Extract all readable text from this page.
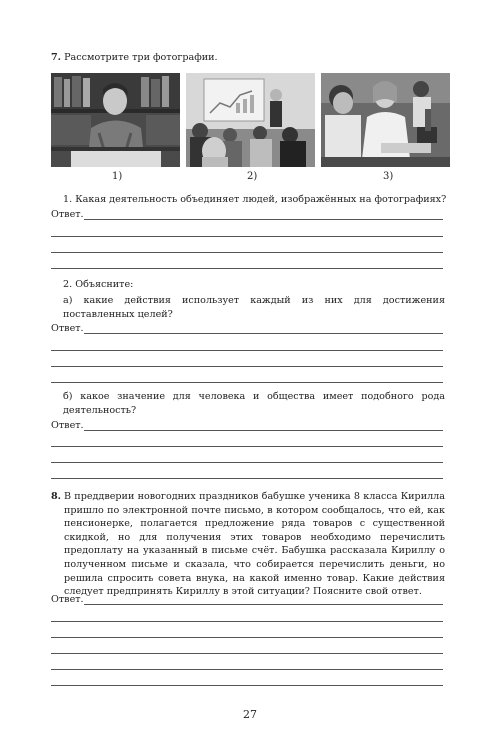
7. Рассмотрите три фотографии.
1)	2)	3)
1. Какая деятельность объединяет людей, изображённых на фотографиях?
Ответ.
2. Объясните:
а) какие действия использует каждый из них для достижения поставленных целей?
Ответ.
б) какое значение для человека и общества имеет подобного рода деятельность?
Ответ.
8. В преддверии новогодних праздников бабушке ученика 8 класса Кирилла пришло по электронной почте письмо, в котором сообщалось, что ей, как пенсионерке, полагается предложение ряда товаров с существенной скидкой, но для получения этих товаров необходимо перечислить предоплату на указанный в письме счёт. Бабушка рассказала Кириллу о полученном письме и сказала, что собирается перечислить деньги, но решила спросить совета внука, на какой именно товар. Какие действия следует предпринять Кириллу в этой ситуации? Поясните свой ответ.
Ответ.
27
